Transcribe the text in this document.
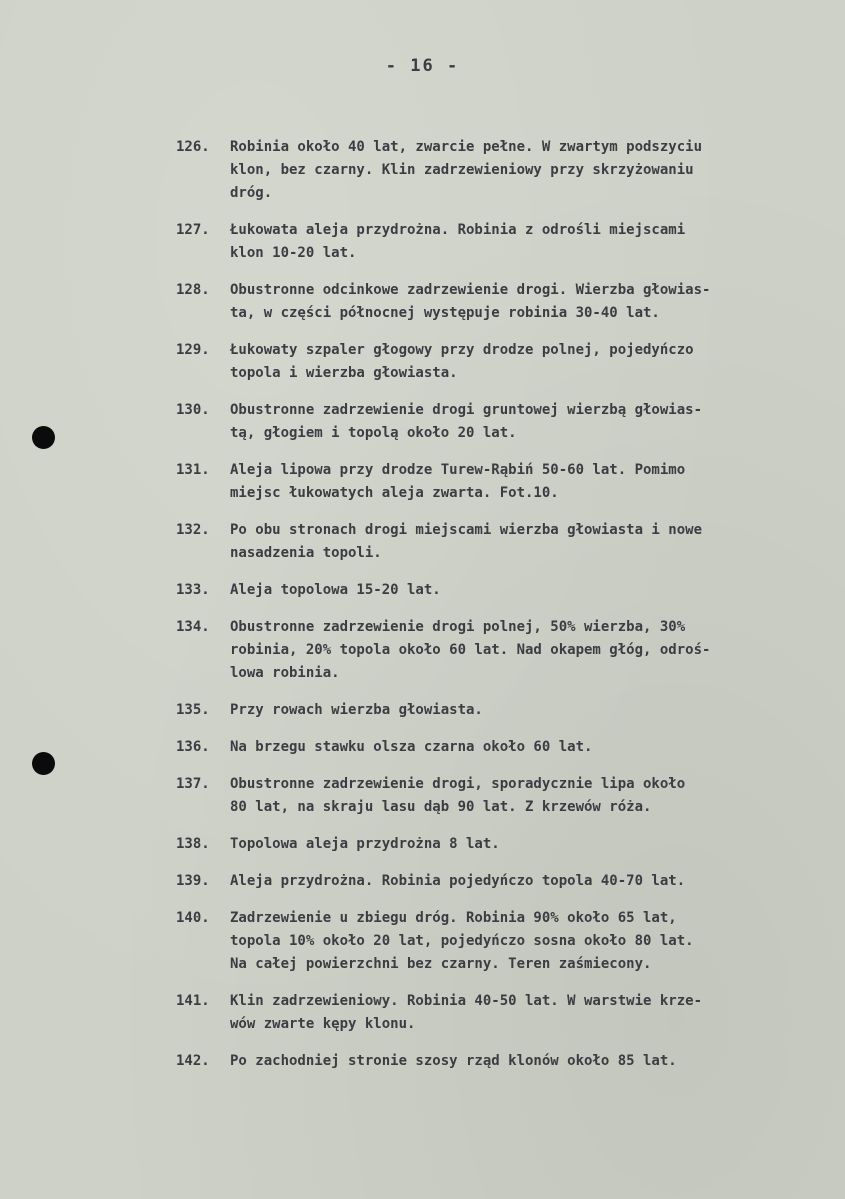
- 16 -
126.	Robinia około 40 lat, zwarcie pełne. W zwartym podszyciu
klon, bez czarny. Klin zadrzewieniowy przy skrzyżowaniu
dróg.
127.	Łukowata aleja przydrożna. Robinia z odrośli miejscami
klon 10-20 lat.
128.	Obustronne odcinkowe zadrzewienie drogi. Wierzba głowias-
ta, w części północnej występuje robinia 30-40 lat.
129.	Łukowaty szpaler głogowy przy drodze polnej, pojedyńczo
topola i wierzba głowiasta.
130.	Obustronne zadrzewienie drogi gruntowej wierzbą głowias-
tą, głogiem i topolą około 20 lat.
131.	Aleja lipowa przy drodze Turew-Rąbiń 50-60 lat. Pomimo
miejsc łukowatych aleja zwarta. Fot.10.
132.	Po obu stronach drogi miejscami wierzba głowiasta i nowe
nasadzenia topoli.
133.	Aleja topolowa 15-20 lat.
134.	Obustronne zadrzewienie drogi polnej, 50% wierzba, 30%
robinia, 20% topola około 60 lat. Nad okapem głóg, odroś-
lowa robinia.
135.	Przy rowach wierzba głowiasta.
136.	Na brzegu stawku olsza czarna około 60 lat.
137.	Obustronne zadrzewienie drogi, sporadycznie lipa około
80 lat, na skraju lasu dąb 90 lat. Z krzewów róża.
138.	Topolowa aleja przydrożna 8 lat.
139.	Aleja przydrożna. Robinia pojedyńczo topola 40-70 lat.
140.	Zadrzewienie u zbiegu dróg. Robinia 90% około 65 lat,
topola 10% około 20 lat, pojedyńczo sosna około 80 lat.
Na całej powierzchni bez czarny. Teren zaśmiecony.
141.	Klin zadrzewieniowy. Robinia 40-50 lat. W warstwie krze-
wów zwarte kępy klonu.
142.	Po zachodniej stronie szosy rząd klonów około 85 lat.
